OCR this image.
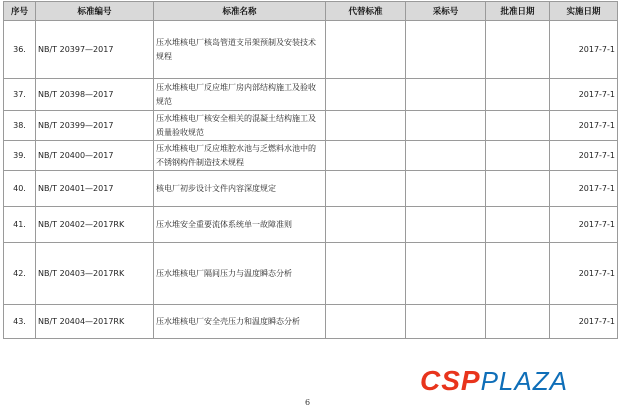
序号	标准编号	标准名称	代替标准	采标号	批准日期	实施日期
36.	NB/T 20397—2017	压水堆核电厂核岛管道支吊架预制及安装技术规程				2017-7-1
37.	NB/T 20398—2017	压水堆核电厂反应堆厂房内部结构施工及验收规范				2017-7-1
38.	NB/T 20399—2017	压水堆核电厂核安全相关的混凝土结构施工及质量验收规范				2017-7-1
39.	NB/T 20400—2017	压水堆核电厂反应堆腔水池与乏燃料水池中的不锈钢构件制造技术规程				2017-7-1
40.	NB/T 20401—2017	核电厂初步设计文件内容深度规定				2017-7-1
41.	NB/T 20402—2017RK	压水堆安全重要流体系统单一故障准则				2017-7-1
42.	NB/T 20403—2017RK	压水堆核电厂隔间压力与温度瞬态分析				2017-7-1
43.	NB/T 20404—2017RK	压水堆核电厂安全壳压力和温度瞬态分析				2017-7-1
CSPPLAZA
6
